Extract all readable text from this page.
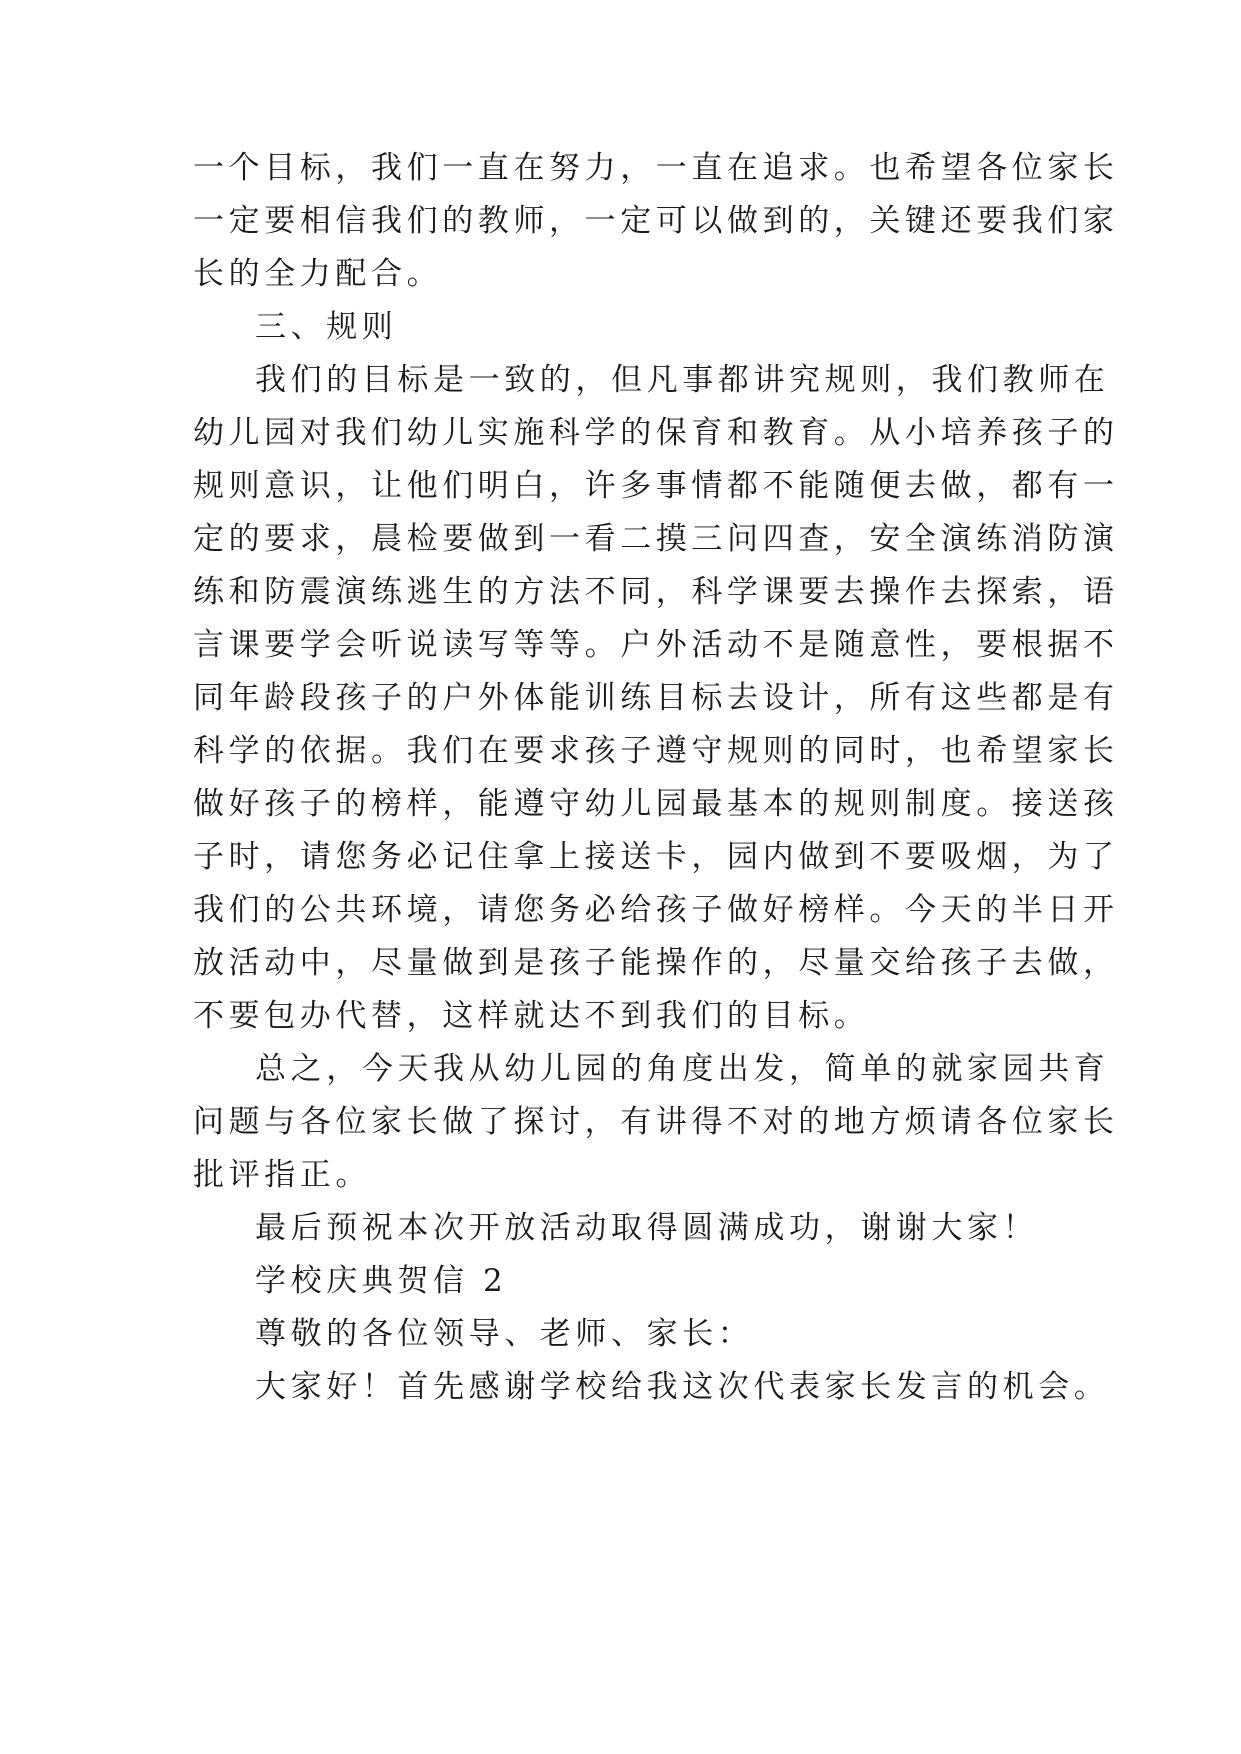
一个目标，我们一直在努力，一直在追求。也希望各位家长
一定要相信我们的教师，一定可以做到的，关键还要我们家
长的全力配合。
三、规则
我们的目标是一致的，但凡事都讲究规则，我们教师在
幼儿园对我们幼儿实施科学的保育和教育。从小培养孩子的
规则意识，让他们明白，许多事情都不能随便去做，都有一
定的要求，晨检要做到一看二摸三问四查，安全演练消防演
练和防震演练逃生的方法不同，科学课要去操作去探索，语
言课要学会听说读写等等。户外活动不是随意性，要根据不
同年龄段孩子的户外体能训练目标去设计，所有这些都是有
科学的依据。我们在要求孩子遵守规则的同时，也希望家长
做好孩子的榜样，能遵守幼儿园最基本的规则制度。接送孩
子时，请您务必记住拿上接送卡，园内做到不要吸烟，为了
我们的公共环境，请您务必给孩子做好榜样。今天的半日开
放活动中，尽量做到是孩子能操作的，尽量交给孩子去做，
不要包办代替，这样就达不到我们的目标。
总之，今天我从幼儿园的角度出发，简单的就家园共育
问题与各位家长做了探讨，有讲得不对的地方烦请各位家长
批评指正。
最后预祝本次开放活动取得圆满成功，谢谢大家！
学校庆典贺信 2
尊敬的各位领导、老师、家长：
大家好！首先感谢学校给我这次代表家长发言的机会。
